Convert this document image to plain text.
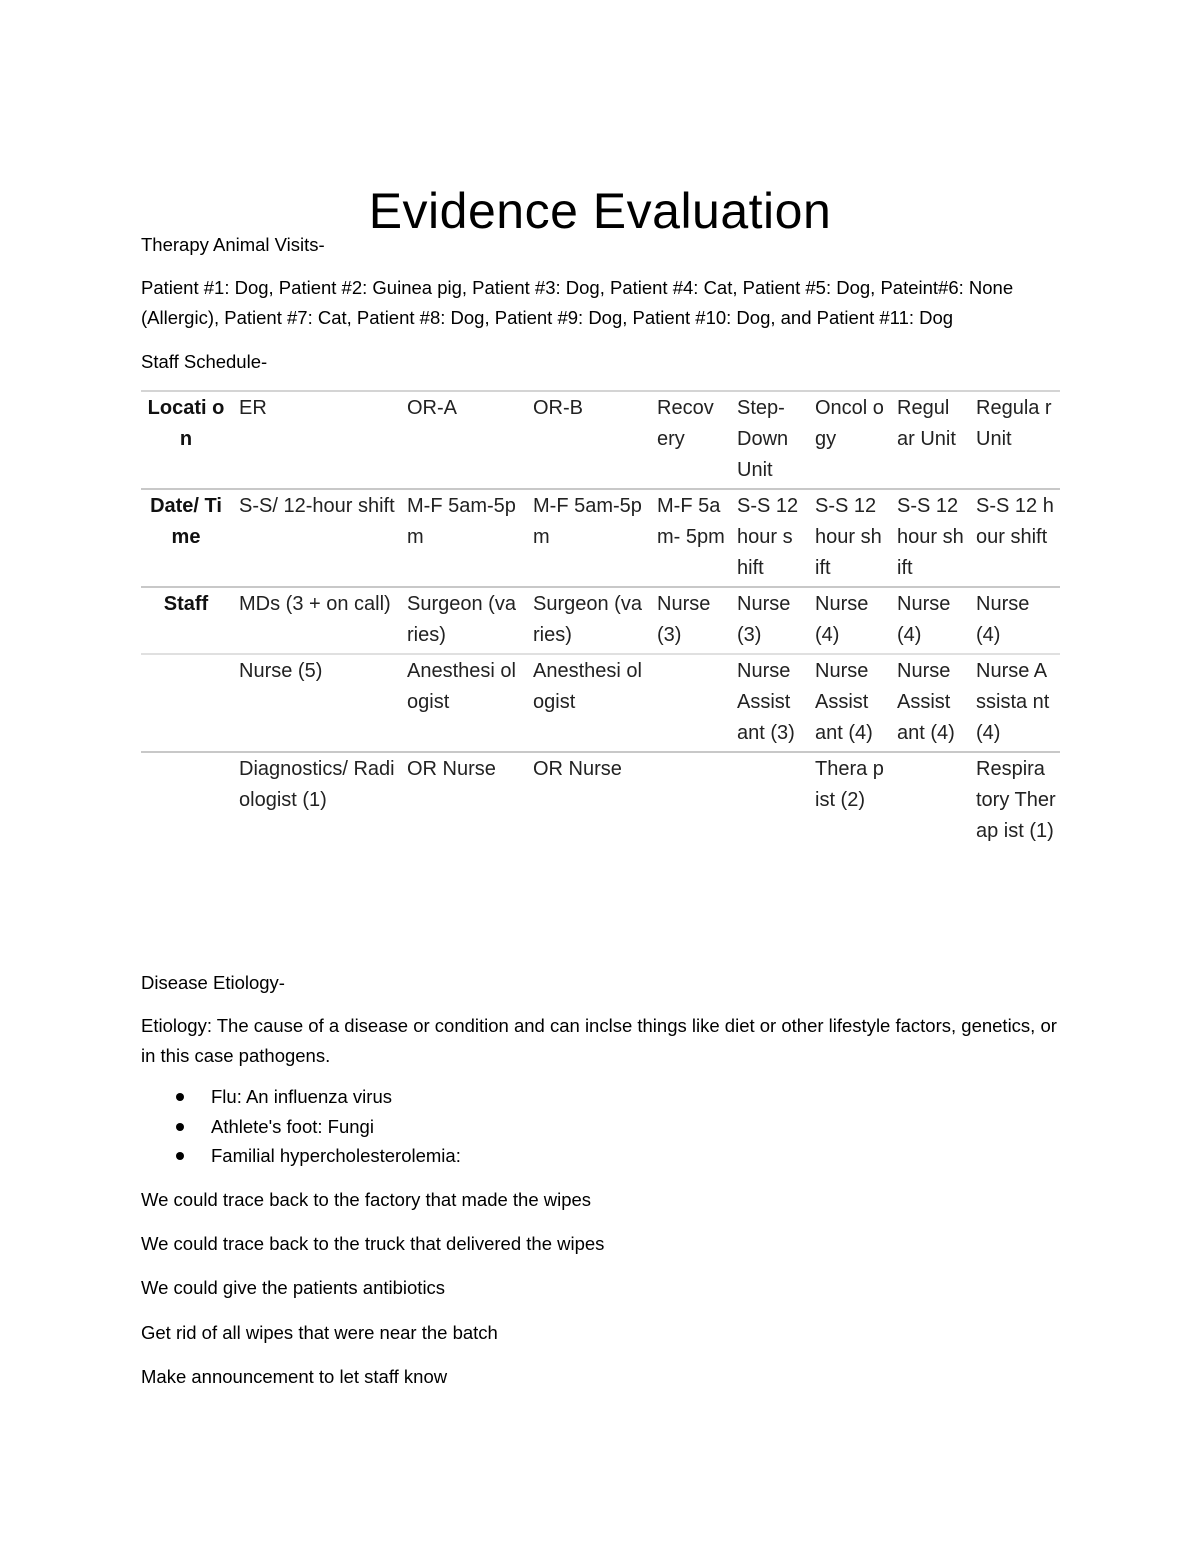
Evidence Evaluation

Therapy Animal Visits-

Patient #1: Dog, Patient #2: Guinea pig, Patient #3: Dog, Patient #4: Cat, Patient #5: Dog, Pateint#6: None (Allergic), Patient #7: Cat, Patient #8: Dog, Patient #9: Dog, Patient #10: Dog, and Patient #11: Dog

Staff Schedule-

Locati on	ER	OR-A	OR-B	Recov ery	Step- Down Unit	Oncol ogy	Regul ar Unit	Regula r Unit
Date/ Time	S-S/ 12-hour shift	M-F 5am-5pm	M-F 5am-5pm	M-F 5am- 5pm	S-S 12 hour shift	S-S 12 hour shift	S-S 12 hour shift	S-S 12 hour shift
Staff	MDs (3 + on call)	Surgeon (varies)	Surgeon (varies)	Nurse (3)	Nurse (3)	Nurse (4)	Nurse (4)	Nurse (4)
	Nurse (5)	Anesthesi ologist	Anesthesi ologist		Nurse Assist ant (3)	Nurse Assist ant (4)	Nurse Assist ant (4)	Nurse Assista nt (4)
	Diagnostics/ Radiologist (1)	OR Nurse	OR Nurse			Thera pist (2)		Respira tory Therap ist (1)

Disease Etiology-

Etiology: The cause of a disease or condition and can inclse things like diet or other lifestyle factors, genetics, or in this case pathogens.

Flu: An influenza virus
Athlete's foot: Fungi
Familial hypercholesterolemia:

We could trace back to the factory that made the wipes

We could trace back to the truck that delivered the wipes

We could give the patients antibiotics

Get rid of all wipes that were near the batch

Make announcement to let staff know
